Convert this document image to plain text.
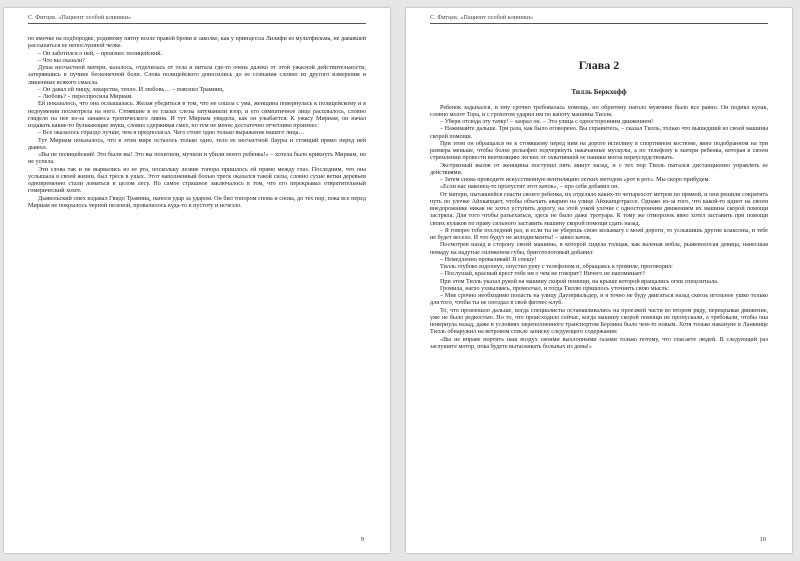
С. Фитцек. «Пациент особой клиники»

по ямочке на подбородке, родимому пятну возле правой брови и заколке, как у принцессы Лилифи из мультфильма, не дававшей рассыпаться ее непослушной челке.

– Он заботился о ней, – произнес полицейский.

– Что вы сказали?

Душа несчастной матери, казалось, отделилась от тела и витала где-то очень далеко от этой ужасной действительности, затерявшись в пучине бесконечной боли. Слова полицейского доносились до ее сознания словно из другого измерения и лишенные всякого смысла.

– Он давал ей пищу, лекарства, тепло. И любовь… – пояснил Трамниц.

– Любовь? – переспросила Мириам.

Ей показалось, что она ослышалась. Желая убедиться в том, что не сошла с ума, женщина повернулась к полицейскому и в недоумении посмотрела на него. Стоявшие в ее глазах слезы затуманили взор, и его симпатичное лицо расплылось, словно глядело на нее из-за занавеса тропического ливня. И тут Мириам увидела, как он улыбается. К ужасу Мириам, он начал издавать какие-то булькающие звуки, словно сдерживая смех, но тем не менее достаточно отчетливо произнес:

– Все оказалось гораздо лучше, чем я предполагал. Чего стоит одно только выражение вашего лица…

Тут Мириам показалось, что в этом мире осталось только одно, тело ее несчастной Лауры и стоящий прямо перед ней дьявол.

«Вы не полицейский! Это были вы! Это вы похитили, мучили и убили моего ребенка!» – хотела было крикнуть Мириам, но не успела.

Эти слова так и не вырвались из ее рта, поскольку лезвие топора пришлось ей прямо между глаз. Последним, что она услышала в своей жизни, был треск в ушах. Этот наполненный болью треск оказался такой силы, словно сухие ветки деревьев одновременно стали ломаться в целом лесу. Но самое страшное заключалось в том, что его перекрывал отвратительный гомерический хохот.

Дьявольский смех издавал Гвидо Трамниц, нанося удар за ударом. Он бил топором снова и снова, до тех пор, пока все перед Мириам не покрылось черной пеленой, провалилось куда-то в пустоту и исчезло.

9
С. Фитцек. «Пациент особой клиники»
Глава 2
Тилль Беркхофф

Ребенок задыхался, и ему срочно требовалась помощь, но обритому наголо мужчине было все равно. Он поднял кулак, словно молот Тора, и с грохотом ударил им по капоту машины Тилля.

– Убери отсюда эту тачку! – заорал он. – Эта улица с односторонним движением!

– Нажимайте дальше. Три раза, как было оговорено. Вы справитесь, – сказал Тилль, только что вышедший из своей машины скорой помощи.

При этом он обращался не к стоявшему перед ним на дороге исполину в спортивном костюме, явно подобранном на три размера меньше, чтобы более рельефно подчеркнуть накачанные мускулы, а по телефону к матери ребенка, которая в своем стремлении провести вентиляцию легких от охватившей ее паники могла переусердствовать.

Экстренный вызов от женщины поступил пять минут назад, и с тех пор Тилль пытался дистанционно управлять ее действиями.

– Затем снова проводите искусственную вентиляцию легких методом «рот в рот». Мы скоро прибудем.

«Если нас наконец-то пропустит этот качок», – про себя добавил он.

От матери, пытавшейся спасти своего ребенка, их отделяло каких-то четырехсот метров по прямой, и они решили сократить путь по улочке Айхкапцает, чтобы объехать аварию на улице Айхкапцетрассе. Однако из-за того, что какой-то идиот на своем внедорожнике никак не хотел уступить дорогу, на этой узкой улочке с односторонним движением их машина скорой помощи застряла. Для того чтобы разъехаться, здесь не было даже тротуара. К тому же отморозок явно хотел заставить при помощи своих кулаков по праву сильного заставить машину скорой помощи сдать назад.

– Я говорю тебе последний раз, и если ты не уберешь свою колымагу с моей дороги, то услышишь другие клаксоны, и тебе не будет весело. И что будут не аплодисменты! – завил качок.

Посмотрев назад в сторону своей машины, в которой сидела толщая, как валеная вобла, рыжеволосая девица, нанесшая помаду на надутые силиконом губы, бриготологовый добавил:

– Немедленно проваливай! Я спешу!

Тилль глубоко вздохнул, опустил руку с телефоном и, обращаясь к громиле, проговорил:

– Послушай, красный крест тебе ни о чем не говорит? Ничего не напоминает?

При этом Тилль указал рукой на машину скорой помощи, на крыше которой вращались огни спецсигнала.

Громила, нагло ухмыляясь, промолчал, и тогда Тиллю пришлось уточнить свою мысль:

– Мне срочно необходимо попасть на улицу Даузервальдер, и я точно не буду двигаться назад сквозь игольное ушко только для того, чтобы ты не опоздал в свой фитнес-клуб.

То, что произошло дальше, когда специалисты останавливались на проезжей части во втором ряду, перекрывая движение, уже не было редкостью. Но то, что происходило сейчас, когда машину скорой помощи не пропускали, а требовали, чтобы она повернула назад, даже в условиях переполненного транспортом Берлина было чем-то новым. Хотя только накануне в Ланквице Тилль обнаружил на ветровом стекле записку следующего содержания:

«Вы не вправе портить наш воздух своими выхлопными газами только потому, что спасаете людей. В следующий раз заглушите мотор, пока будете вытаскивать больных из дома!»

10
